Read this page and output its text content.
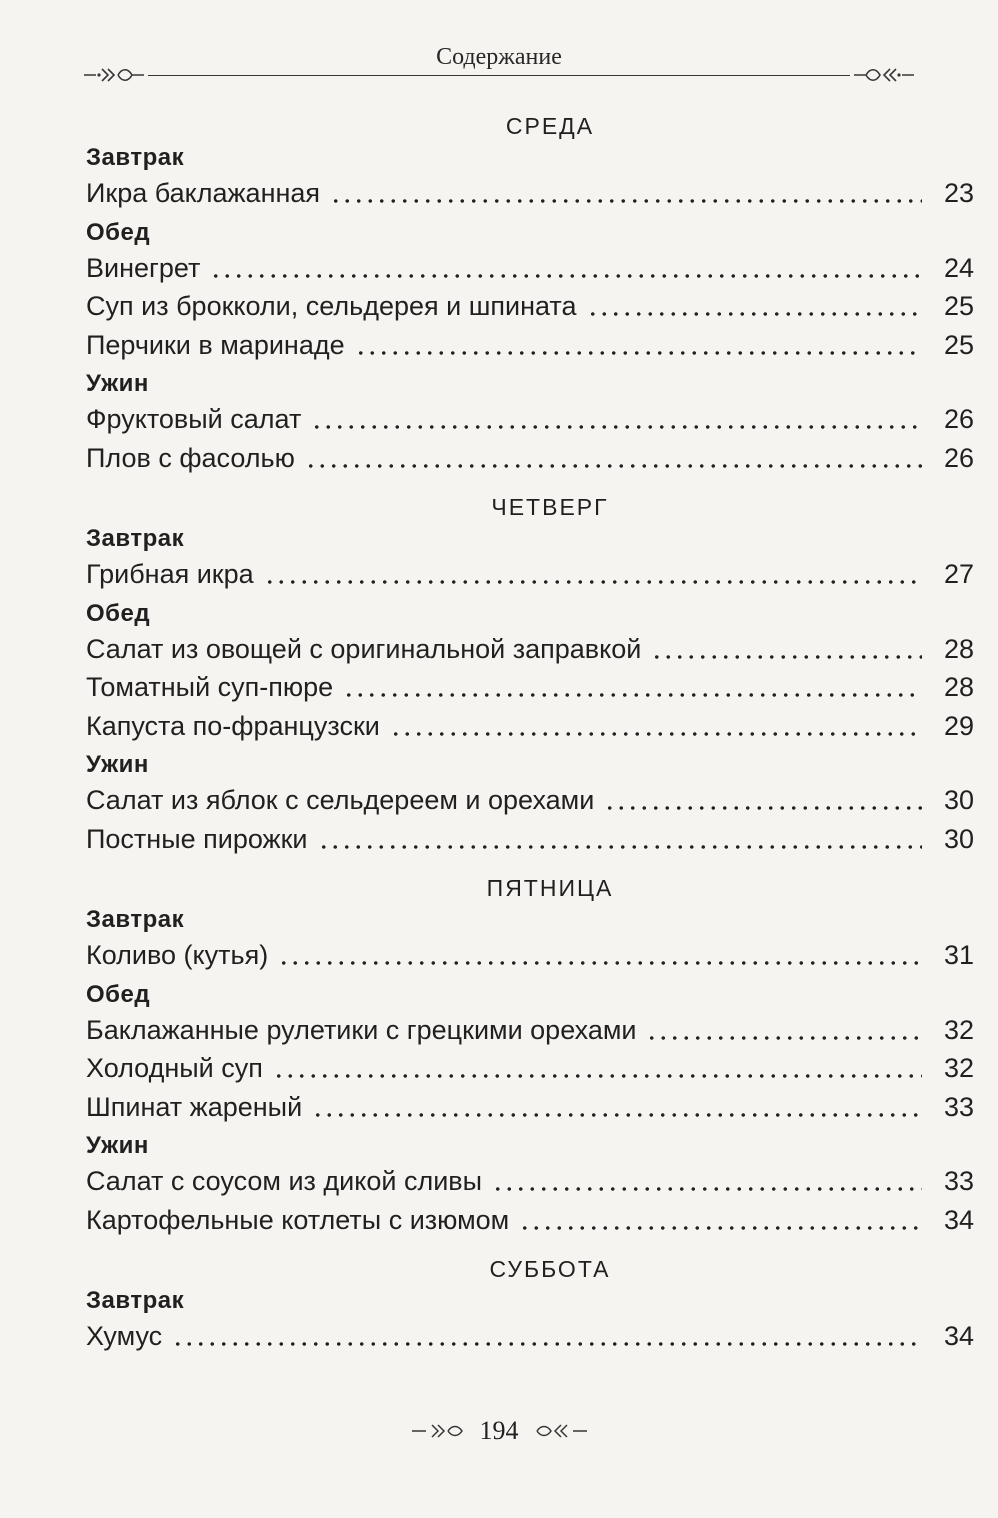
Содержание
СРЕДА
Завтрак
Икра баклажанная	23
Обед
Винегрет	24
Суп из брокколи, сельдерея и шпината	25
Перчики в маринаде	25
Ужин
Фруктовый салат	26
Плов с фасолью	26
ЧЕТВЕРГ
Завтрак
Грибная икра	27
Обед
Салат из овощей с оригинальной заправкой	28
Томатный суп-пюре	28
Капуста по-французски	29
Ужин
Салат из яблок с сельдереем и орехами	30
Постные пирожки	30
ПЯТНИЦА
Завтрак
Коливо (кутья)	31
Обед
Баклажанные рулетики с грецкими орехами	32
Холодный суп	32
Шпинат жареный	33
Ужин
Салат с соусом из дикой сливы	33
Картофельные котлеты с изюмом	34
СУББОТА
Завтрак
Хумус	34
194
